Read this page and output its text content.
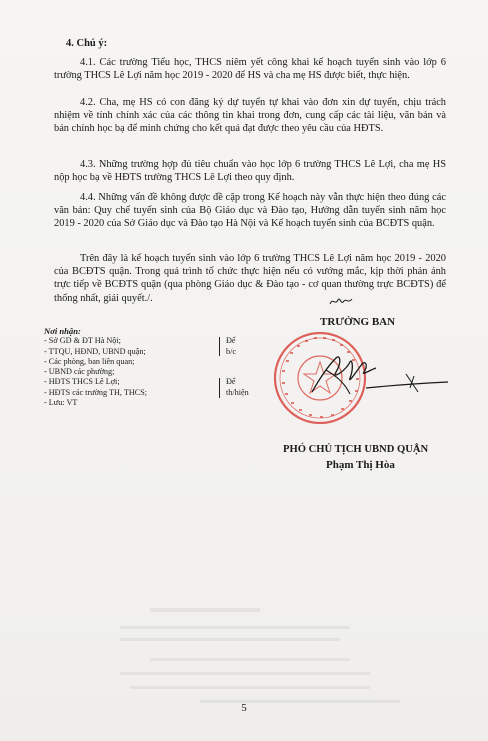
4. Chú ý:
4.1. Các trường Tiểu học, THCS niêm yết công khai kế hoạch tuyển sinh vào lớp 6 trường THCS Lê Lợi năm học 2019 - 2020 để HS và cha mẹ HS được biết, thực hiện.
4.2. Cha, mẹ HS có con đăng ký dự tuyển tự khai vào đơn xin dự tuyển, chịu trách nhiệm về tính chính xác của các thông tin khai trong đơn, cung cấp các tài liệu, văn bản và bản chính học bạ để minh chứng cho kết quả đạt được theo yêu cầu của HĐTS.
4.3. Những trường hợp đủ tiêu chuẩn vào học lớp 6 trường THCS Lê Lợi, cha mẹ HS nộp học bạ về HĐTS trường THCS Lê Lợi theo quy định.
4.4. Những vấn đề không được đề cập trong Kế hoạch này vẫn thực hiện theo đúng các văn bản: Quy chế tuyển sinh của Bộ Giáo dục và Đào tạo, Hướng dẫn tuyển sinh năm học 2019 - 2020 của Sở Giáo dục và Đào tạo Hà Nội và Kế hoạch tuyển sinh của BCĐTS quận.
Trên đây là kế hoạch tuyển sinh vào lớp 6 trường THCS Lê Lợi năm học 2019 - 2020 của BCĐTS quận. Trong quá trình tổ chức thực hiện nếu có vướng mắc, kịp thời phản ánh trực tiếp về BCĐTS quận (qua phòng Giáo dục & Đào tạo - cơ quan thường trực BCĐTS) để thống nhất, giải quyết./.
Nơi nhận:
- Sở GD & ĐT Hà Nội;	Để
- TTQU, HĐND, UBND quận;	b/c
- Các phòng, ban liên quan;
- UBND các phường;
- HĐTS THCS Lê Lợi;	Để
- HĐTS các trường TH, THCS;	th/hiện
- Lưu: VT
TRƯỞNG BAN
PHÓ CHỦ TỊCH UBND QUẬN
Phạm Thị Hòa
5
